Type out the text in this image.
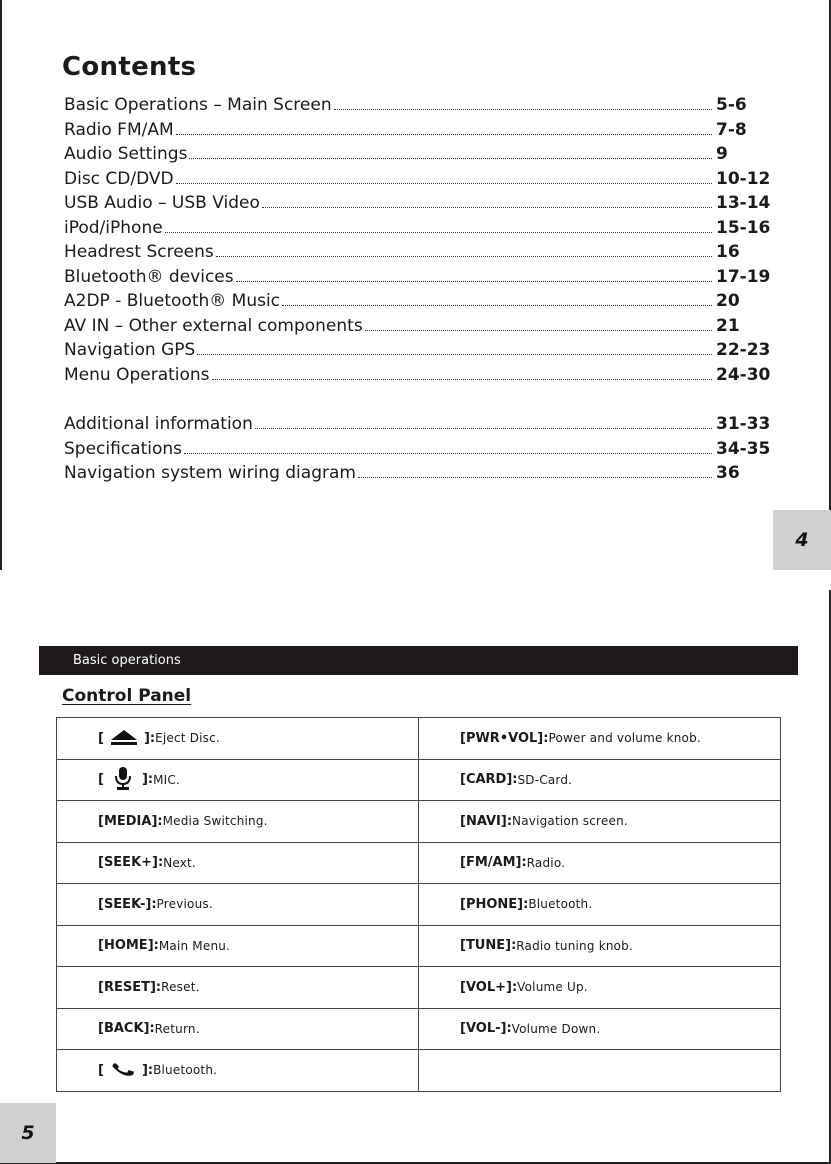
Contents
Basic Operations – Main Screen	5-6
Radio FM/AM	7-8
Audio Settings	9
Disc CD/DVD	10-12
USB Audio – USB Video	13-14
iPod/iPhone	15-16
Headrest Screens	16
Bluetooth® devices	17-19
A2DP - Bluetooth® Music	20
AV IN – Other external components	21
Navigation GPS	22-23
Menu Operations	24-30
Additional information	31-33
Specifications	34-35
Navigation system wiring diagram	36
4
Basic operations
Control Panel
[ ]: Eject Disc.	[PWR•VOL]: Power and volume knob.

[ ]: MIC.	[CARD]: SD-Card.

[MEDIA]: Media Switching.	[NAVI]: Navigation screen.

[SEEK+]: Next.	[FM/AM]: Radio.

[SEEK-]: Previous.	[PHONE]: Bluetooth.

[HOME]: Main Menu.	[TUNE]: Radio tuning knob.

[RESET]: Reset.	[VOL+]: Volume Up.

[BACK]: Return.	[VOL-]: Volume Down.

[ ]: Bluetooth.	

5
